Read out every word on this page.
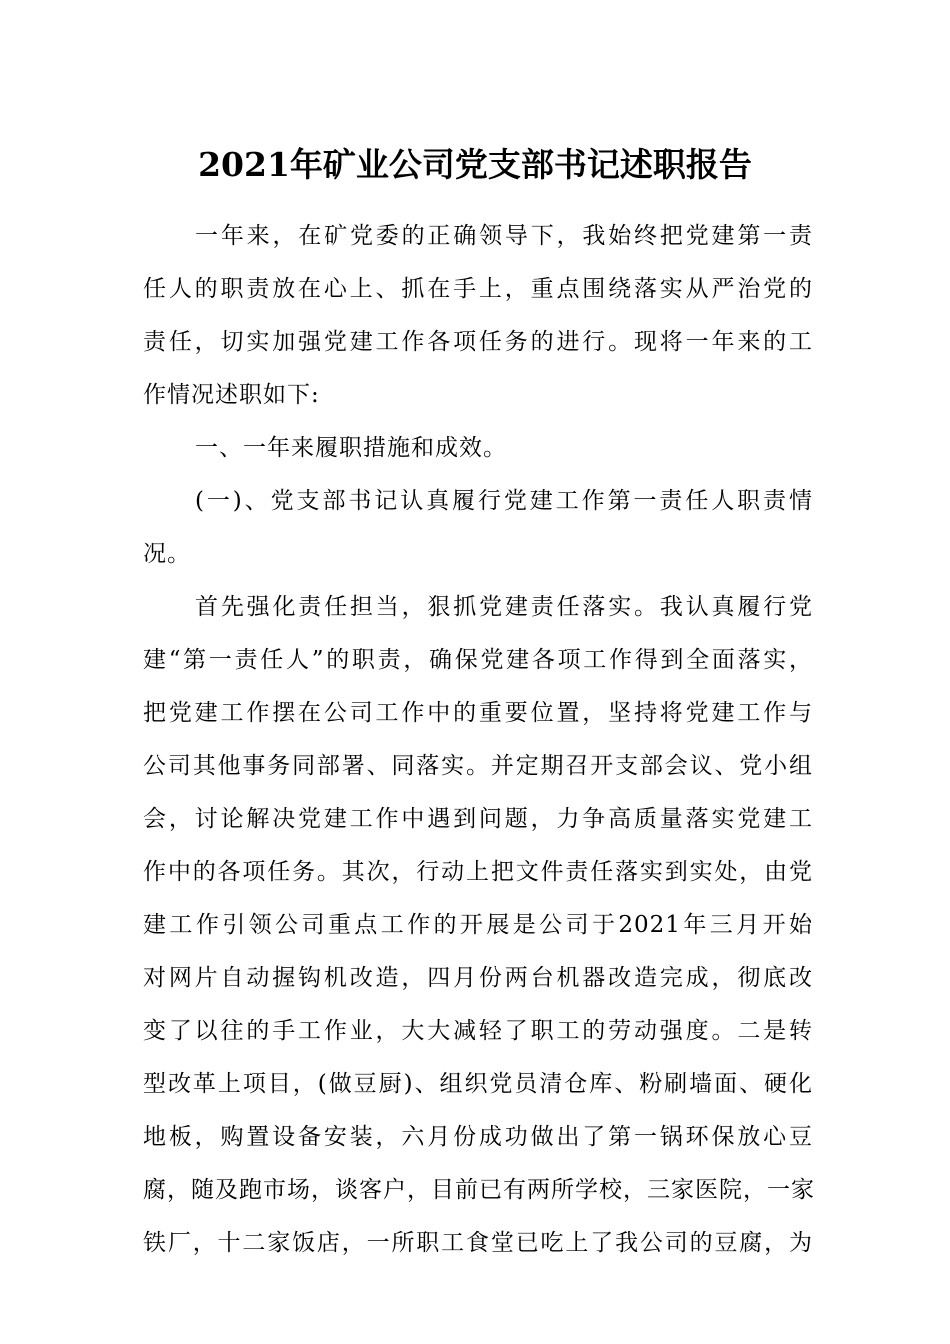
2021年矿业公司党支部书记述职报告
一年来，在矿党委的正确领导下，我始终把党建第一责
任人的职责放在心上、抓在手上，重点围绕落实从严治党的
责任，切实加强党建工作各项任务的进行。现将一年来的工
作情况述职如下:
一、一年来履职措施和成效。
(一)、党支部书记认真履行党建工作第一责任人职责情
况。
首先强化责任担当，狠抓党建责任落实。我认真履行党
建“第一责任人”的职责，确保党建各项工作得到全面落实，
把党建工作摆在公司工作中的重要位置，坚持将党建工作与
公司其他事务同部署、同落实。并定期召开支部会议、党小组
会，讨论解决党建工作中遇到问题，力争高质量落实党建工
作中的各项任务。其次，行动上把文件责任落实到实处，由党
建工作引领公司重点工作的开展是公司于2021年三月开始
对网片自动握钩机改造，四月份两台机器改造完成，彻底改
变了以往的手工作业，大大减轻了职工的劳动强度。二是转
型改革上项目，(做豆厨)、组织党员清仓库、粉刷墙面、硬化
地板，购置设备安装，六月份成功做出了第一锅环保放心豆
腐，随及跑市场，谈客户，目前已有两所学校，三家医院，一家
铁厂，十二家饭店，一所职工食堂已吃上了我公司的豆腐，为
